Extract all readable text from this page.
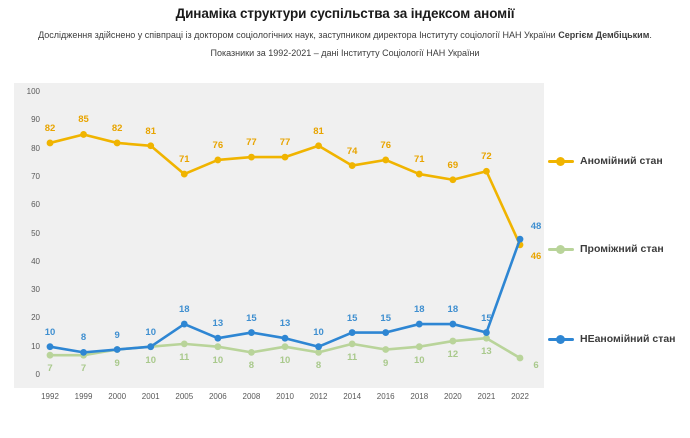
Динаміка структури суспільства за індексом аномії
Дослідження здійснено у співпраці із доктором соціологічних наук, заступником директора Інституту соціології НАН України Сергієм Дембіцьким.
Показники за 1992-2021 – дані Інституту Соціології НАН України
82
85
82	81
71
76	77	77
81
74
76
71
69
72
46
7	7
9	10	11	10
8
10
8
11
9	10
12	13
6
10
8	9	10
18
13
15
13
10
15	15
18	18
15
48
Аномійний стан
Проміжний стан
НЕаномійний стан
0
10
20
30
40
50
60
70
80
90
100
1992	1999	2000	2001	2005	2006	2008	2010	2012	2014	2016	2018	2020	2021	2022
